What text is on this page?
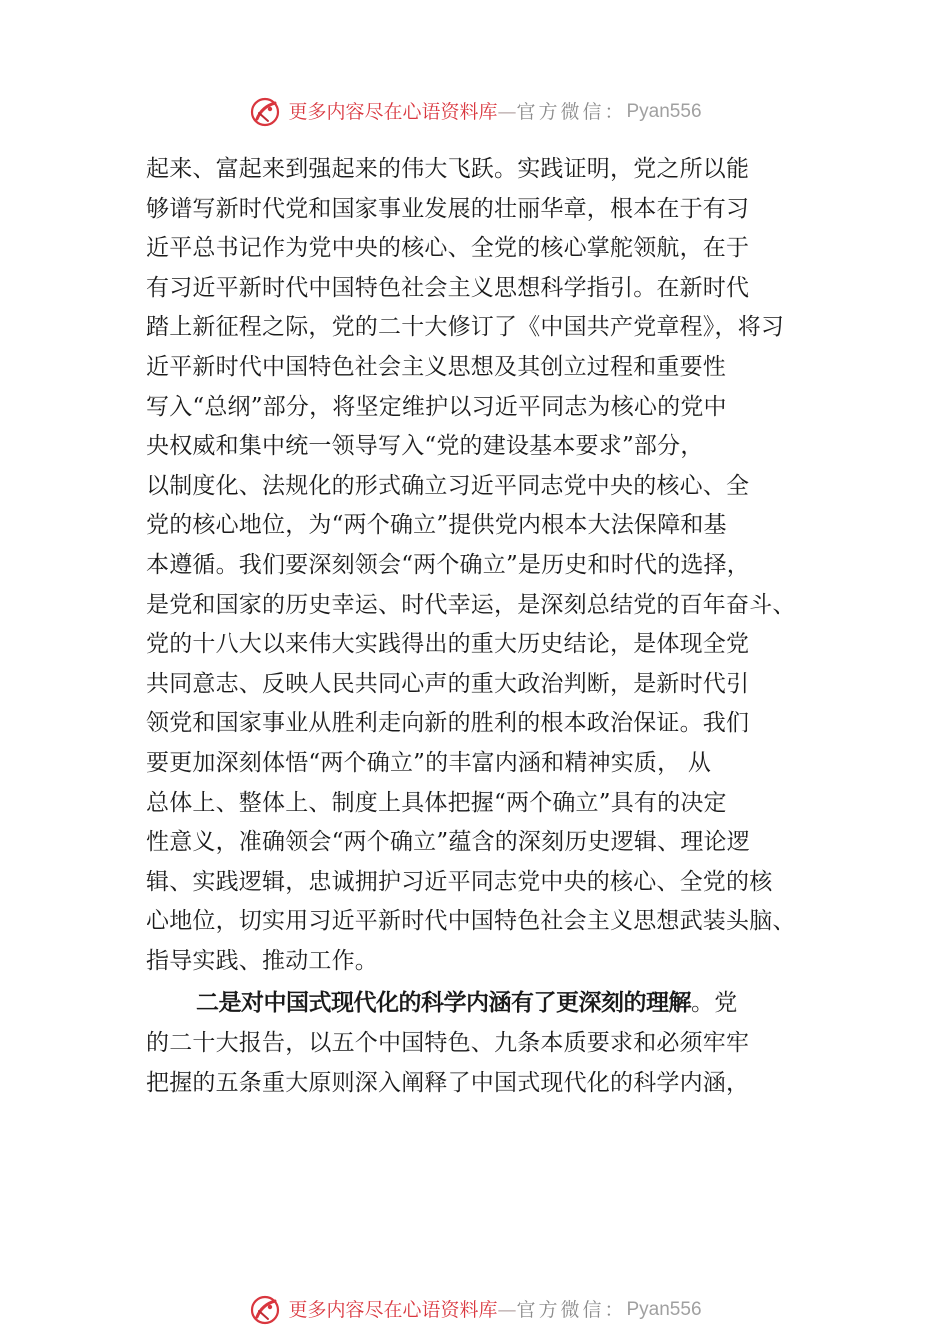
更多内容尽在心语资料库 — 官方微信： Pyan556
起来、富起来到强起来的伟大飞跃。实践证明，党之所以能
够谱写新时代党和国家事业发展的壮丽华章，根本在于有习
近平总书记作为党中央的核心、全党的核心掌舵领航，在于
有习近平新时代中国特色社会主义思想科学指引。在新时代
踏上新征程之际，党的二十大修订了《中国共产党章程》，将习
近平新时代中国特色社会主义思想及其创立过程和重要性
写入“总纲”部分，将坚定维护以习近平同志为核心的党中
央权威和集中统一领导写入“党的建设基本要求”部分，
以制度化、法规化的形式确立习近平同志党中央的核心、全
党的核心地位，为“两个确立”提供党内根本大法保障和基
本遵循。我们要深刻领会“两个确立”是历史和时代的选择，
是党和国家的历史幸运、时代幸运，是深刻总结党的百年奋斗、
党的十八大以来伟大实践得出的重大历史结论，是体现全党
共同意志、反映人民共同心声的重大政治判断，是新时代引
领党和国家事业从胜利走向新的胜利的根本政治保证。我们
要更加深刻体悟“两个确立”的丰富内涵和精神实质， 从
总体上、整体上、制度上具体把握“两个确立”具有的决定
性意义，准确领会“两个确立”蕴含的深刻历史逻辑、理论逻
辑、实践逻辑，忠诚拥护习近平同志党中央的核心、全党的核
心地位，切实用习近平新时代中国特色社会主义思想武装头脑、
指导实践、推动工作。
二是对中国式现代化的科学内涵有了更深刻的理解。党
的二十大报告，以五个中国特色、九条本质要求和必须牢牢
把握的五条重大原则深入阐释了中国式现代化的科学内涵，
更多内容尽在心语资料库 — 官方微信： Pyan556
